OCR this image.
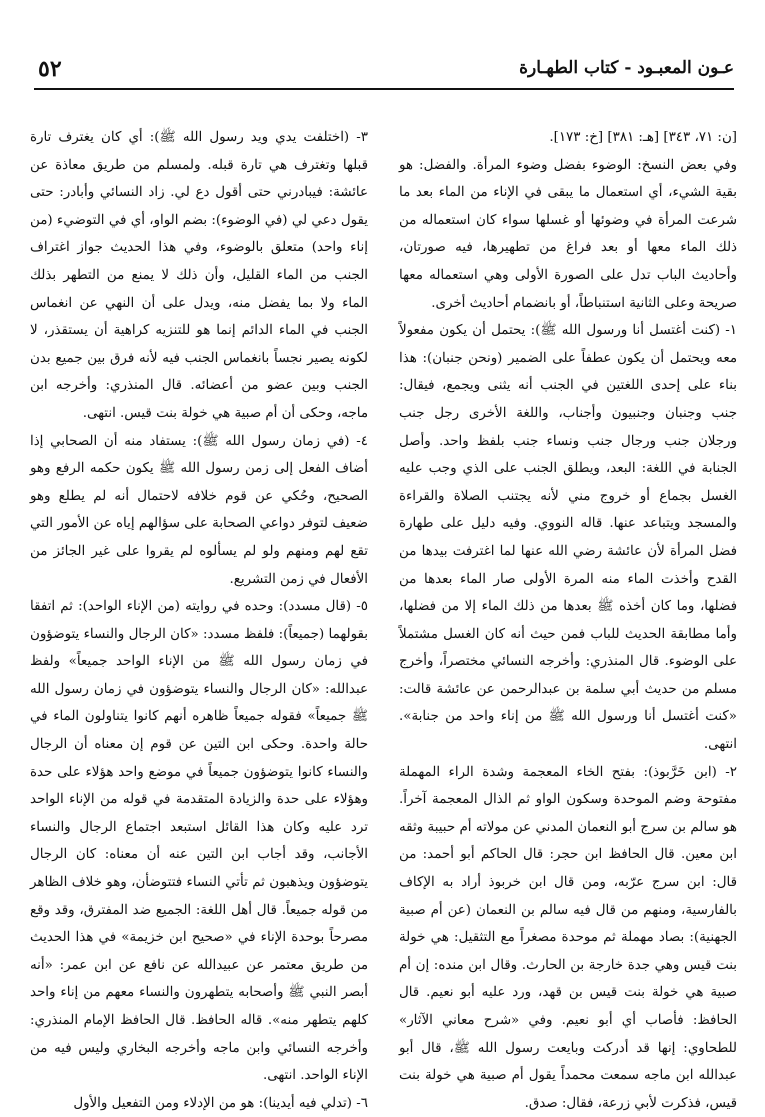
٥٢	عـون المعبـود - كتاب الطهـارة

[ن: ٧١، ٣٤٣] [هـ: ٣٨١] [خ: ١٧٣].

وفي بعض النسخ: الوضوء بفضل وضوء المرأة. والفضل: هو بقية الشيء، أي استعمال ما يبقى في الإناء من الماء بعد ما شرعت المرأة في وضوئها أو غسلها سواء كان استعماله من ذلك الماء معها أو بعد فراغ من تطهيرها، فيه صورتان، وأحاديث الباب تدل على الصورة الأولى وهي استعماله معها صريحة وعلى الثانية استنباطاً، أو بانضمام أحاديث أخرى.

١- (كنت أغتسل أنا ورسول الله ﷺ): يحتمل أن يكون مفعولاً معه ويحتمل أن يكون عطفاً على الضمير (ونحن جنبان): هذا بناء على إحدى اللغتين في الجنب أنه يثنى ويجمع، فيقال: جنب وجنبان وجنبيون وأجناب، واللغة الأخرى رجل جنب ورجلان جنب ورجال جنب ونساء جنب بلفظ واحد. وأصل الجنابة في اللغة: البعد، ويطلق الجنب على الذي وجب عليه الغسل بجماع أو خروج مني لأنه يجتنب الصلاة والقراءة والمسجد ويتباعد عنها. قاله النووي. وفيه دليل على طهارة فضل المرأة لأن عائشة رضي الله عنها لما اغترفت بيدها من القدح وأخذت الماء منه المرة الأولى صار الماء بعدها من فضلها، وما كان أخذه ﷺ بعدها من ذلك الماء إلا من فضلها، وأما مطابقة الحديث للباب فمن حيث أنه كان الغسل مشتملاً على الوضوء. قال المنذري: وأخرجه النسائي مختصراً، وأخرج مسلم من حديث أبي سلمة بن عبدالرحمن عن عائشة قالت: «كنت أغتسل أنا ورسول الله ﷺ من إناء واحد من جنابة». انتهى.

٢- (ابن خَرَّبوذ): بفتح الخاء المعجمة وشدة الراء المهملة مفتوحة وضم الموحدة وسكون الواو ثم الذال المعجمة آخراً. هو سالم بن سرج أبو النعمان المدني عن مولاته أم حبيبة وثقه ابن معين. قال الحافظ ابن حجر: قال الحاكم أبو أحمد: من قال: ابن سرج عرّبه، ومن قال ابن خربوذ أراد به الإكاف بالفارسية، ومنهم من قال فيه سالم بن النعمان (عن أم صبية الجهنية): بصاد مهملة ثم موحدة مصغراً مع التثقيل: هي خولة بنت قيس وهي جدة خارجة بن الحارث. وقال ابن منده: إن أم صبية هي خولة بنت قيس بن قهد، ورد عليه أبو نعيم. قال الحافظ: فأصاب أي أبو نعيم. وفي «شرح معاني الآثار» للطحاوي: إنها قد أدركت وبايعت رسول الله ﷺ، قال أبو عبدالله ابن ماجه سمعت محمداً يقول أم صبية هي خولة بنت قيس، فذكرت لأبي زرعة، فقال: صدق.

٣- (اختلفت يدي ويد رسول الله ﷺ): أي كان يغترف تارة قبلها وتغترف هي تارة قبله. ولمسلم من طريق معاذة عن عائشة: فيبادرني حتى أقول دع لي. زاد النسائي وأبادر: حتى يقول دعي لي (في الوضوء): بضم الواو، أي في التوضيء (من إناء واحد) متعلق بالوضوء، وفي هذا الحديث جواز اغتراف الجنب من الماء القليل، وأن ذلك لا يمنع من التطهر بذلك الماء ولا بما يفضل منه، ويدل على أن النهي عن انغماس الجنب في الماء الدائم إنما هو للتنزيه كراهية أن يستقذر، لا لكونه يصير نجساً بانغماس الجنب فيه لأنه فرق بين جميع بدن الجنب وبين عضو من أعضائه. قال المنذري: وأخرجه ابن ماجه، وحكى أن أم صبية هي خولة بنت قيس. انتهى.

٤- (في زمان رسول الله ﷺ): يستفاد منه أن الصحابي إذا أضاف الفعل إلى زمن رسول الله ﷺ يكون حكمه الرفع وهو الصحيح، وحُكي عن قوم خلافه لاحتمال أنه لم يطلع وهو ضعيف لتوفر دواعي الصحابة على سؤالهم إياه عن الأمور التي تقع لهم ومنهم ولو لم يسألوه لم يقروا على غير الجائز من الأفعال في زمن التشريع.

٥- (قال مسدد): وحده في روايته (من الإناء الواحد): ثم اتفقا بقولهما (جميعاً): فلفظ مسدد: «كان الرجال والنساء يتوضؤون في زمان رسول الله ﷺ من الإناء الواحد جميعاً» ولفظ عبدالله: «كان الرجال والنساء يتوضؤون في زمان رسول الله ﷺ جميعاً» فقوله جميعاً ظاهره أنهم كانوا يتناولون الماء في حالة واحدة. وحكى ابن التين عن قوم إن معناه أن الرجال والنساء كانوا يتوضؤون جميعاً في موضع واحد هؤلاء على حدة وهؤلاء على حدة والزيادة المتقدمة في قوله من الإناء الواحد ترد عليه وكان هذا القائل استبعد اجتماع الرجال والنساء الأجانب، وقد أجاب ابن التين عنه أن معناه: كان الرجال يتوضؤون ويذهبون ثم تأتي النساء فتتوضأن، وهو خلاف الظاهر من قوله جميعاً. قال أهل اللغة: الجميع ضد المفترق، وقد وقع مصرحاً بوحدة الإناء في «صحيح ابن خزيمة» في هذا الحديث من طريق معتمر عن عبيدالله عن نافع عن ابن عمر: «أنه أبصر النبي ﷺ وأصحابه يتطهرون والنساء معهم من إناء واحد كلهم يتطهر منه». قاله الحافظ. قال الحافظ الإمام المنذري: وأخرجه النسائي وابن ماجه وأخرجه البخاري وليس فيه من الإناء الواحد. انتهى.

٦- (تدلي فيه أيدينا): هو من الإدلاء ومن التفعيل والأول
